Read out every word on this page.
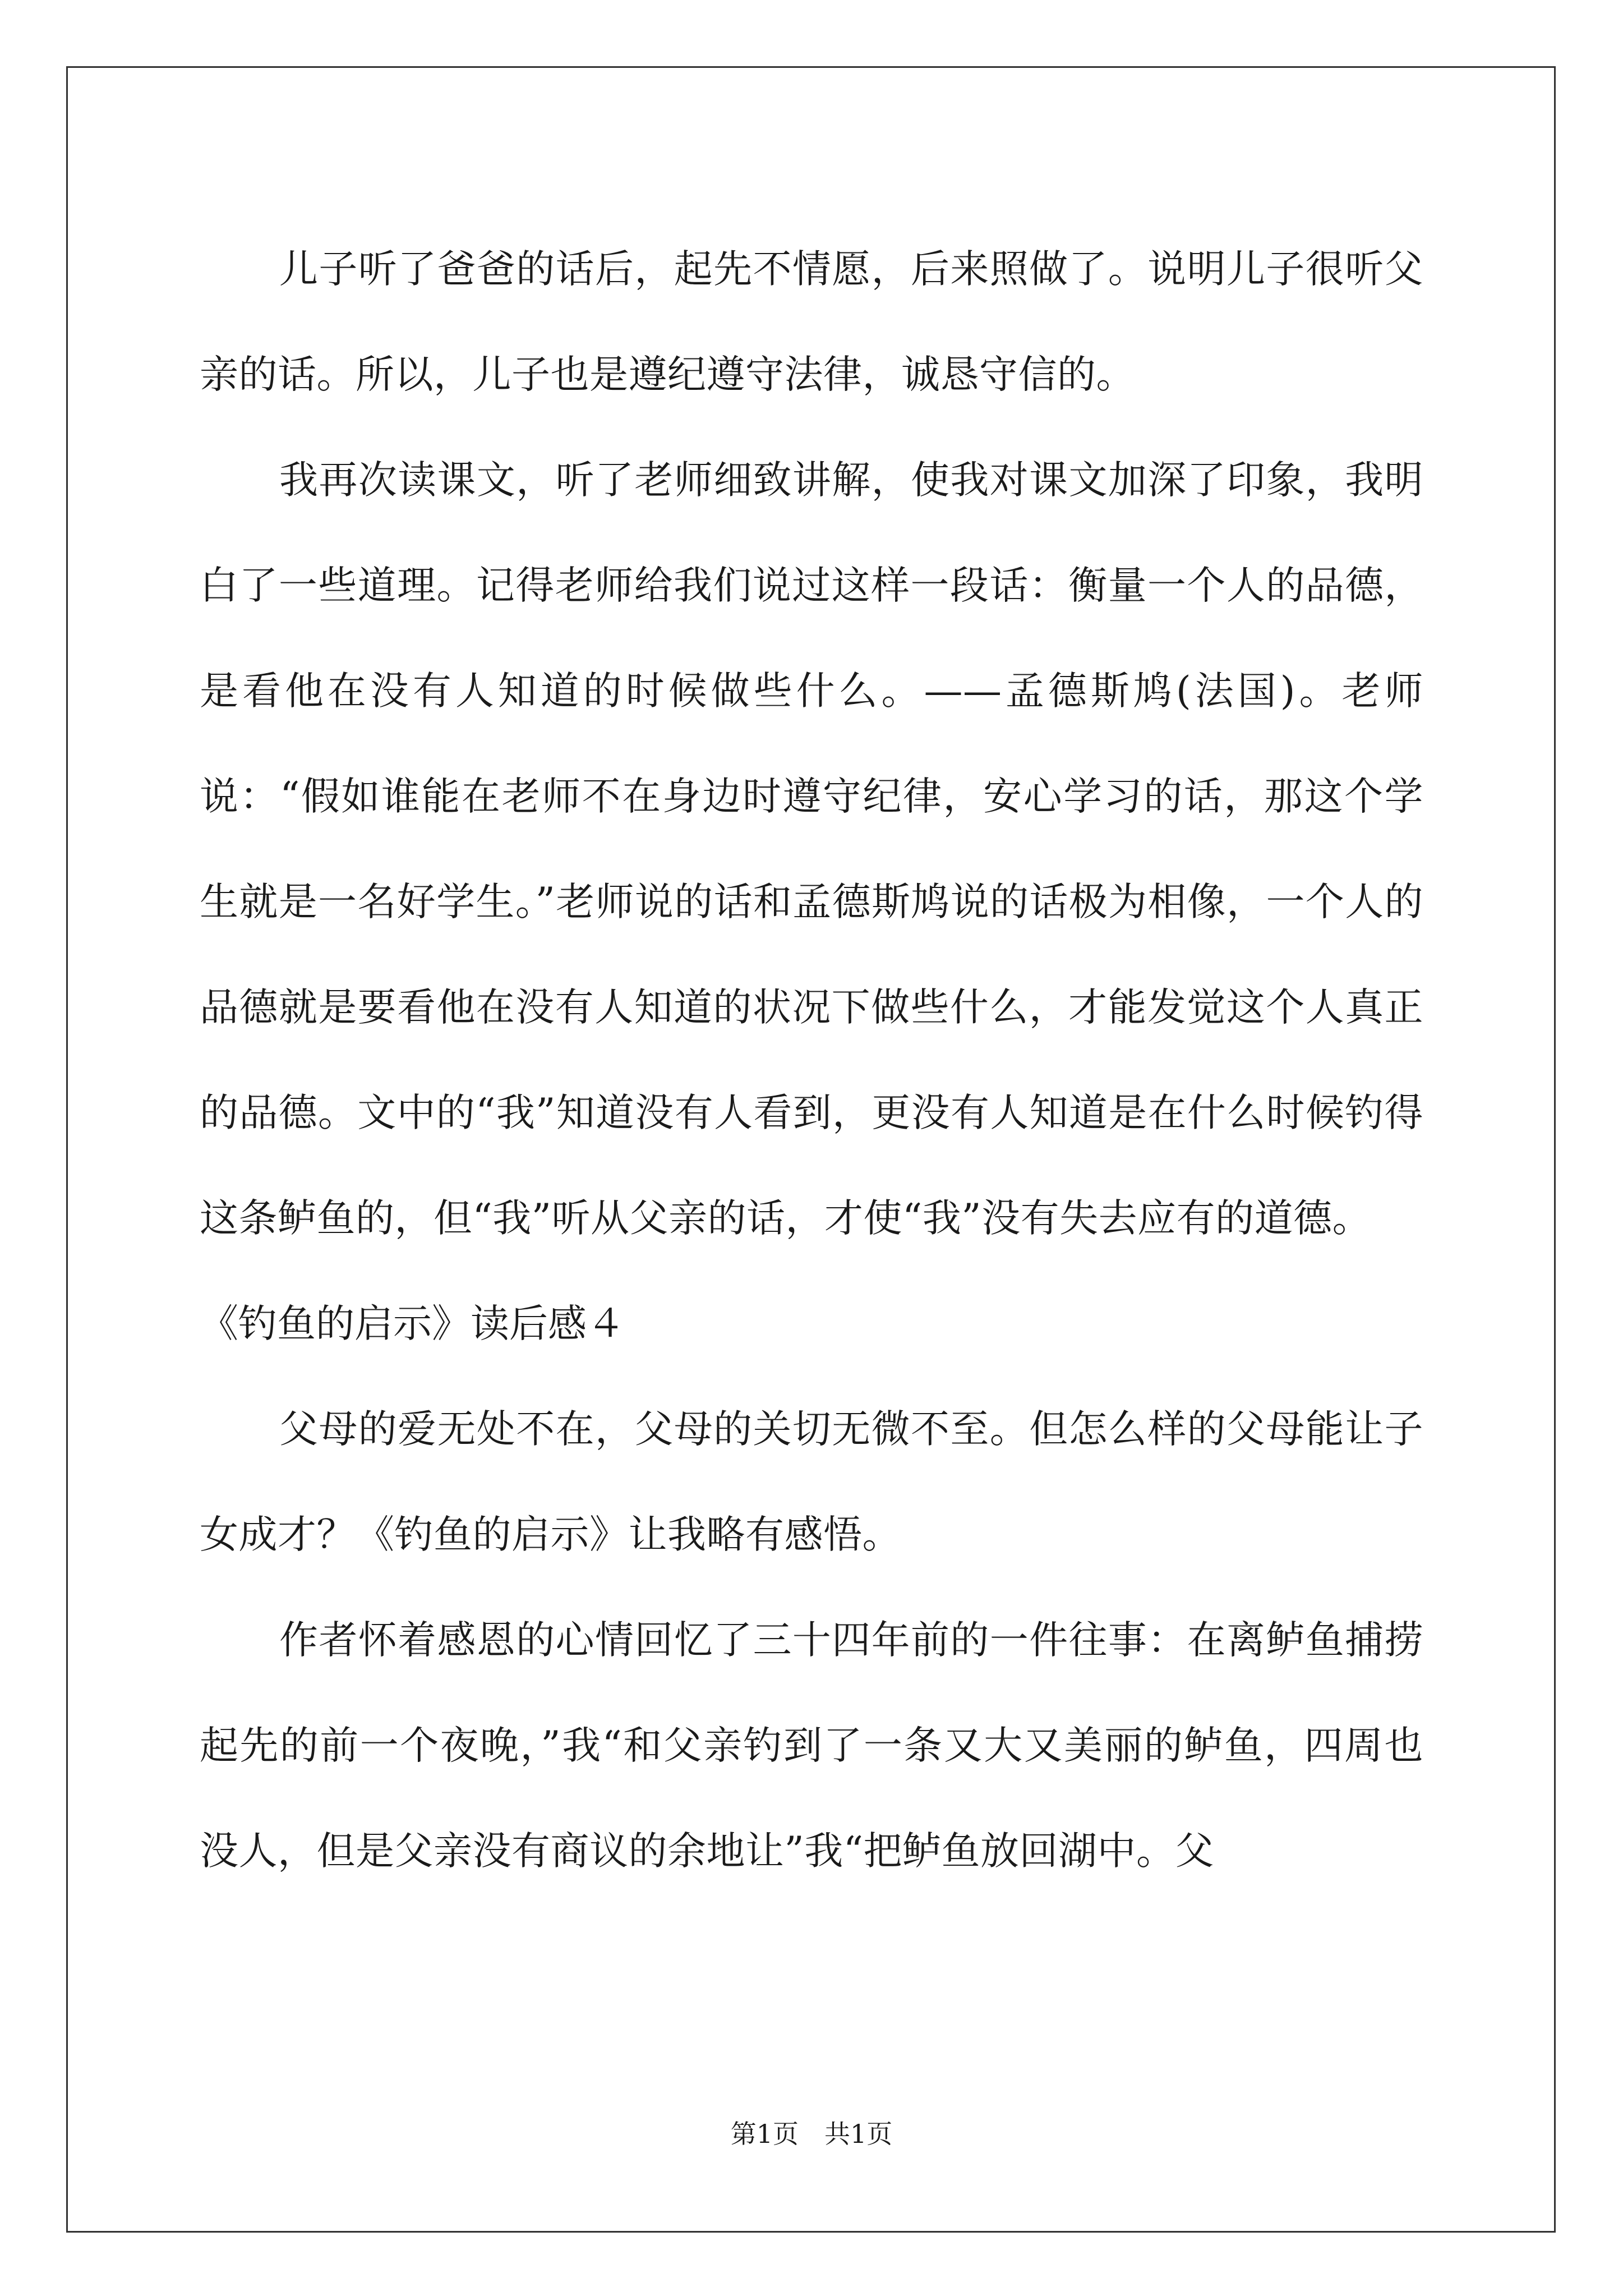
儿子听了爸爸的话后，起先不情愿，后来照做了。说明儿子很听父亲的话。所以，儿子也是遵纪遵守法律，诚恳守信的。

我再次读课文，听了老师细致讲解，使我对课文加深了印象，我明白了一些道理。记得老师给我们说过这样一段话：衡量一个人的品德，是看他在没有人知道的时候做些什么。——孟德斯鸠(法国)。老师说：“假如谁能在老师不在身边时遵守纪律，安心学习的话，那这个学生就是一名好学生。”老师说的话和孟德斯鸠说的话极为相像，一个人的品德就是要看他在没有人知道的状况下做些什么，才能发觉这个人真正的品德。文中的“我”知道没有人看到，更没有人知道是在什么时候钓得这条鲈鱼的，但“我”听从父亲的话，才使“我”没有失去应有的道德。

《钓鱼的启示》读后感４

父母的爱无处不在，父母的关切无微不至。但怎么样的父母能让子女成才？《钓鱼的启示》让我略有感悟。

作者怀着感恩的心情回忆了三十四年前的一件往事：在离鲈鱼捕捞起先的前一个夜晚，”我“和父亲钓到了一条又大又美丽的鲈鱼，四周也没人，但是父亲没有商议的余地让”我“把鲈鱼放回湖中。父

第1页 共1页
